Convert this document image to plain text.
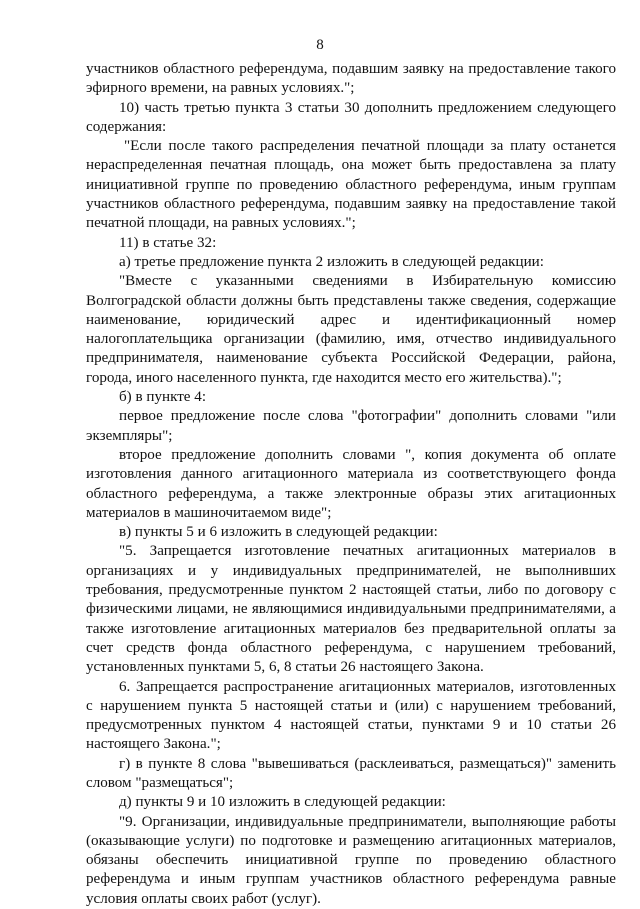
8

участников областного референдума, подавшим заявку на предоставление такого эфирного времени, на равных условиях.";

10) часть третью пункта 3 статьи 30 дополнить предложением следующего содержания:

"Если после такого распределения печатной площади за плату останется нераспределенная печатная площадь, она может быть предоставлена за плату инициативной группе по проведению областного референдума, иным группам участников областного референдума, подавшим заявку на предоставление такой печатной площади, на равных условиях.";

11) в статье 32:

а) третье предложение пункта 2 изложить в следующей редакции:

"Вместе с указанными сведениями в Избирательную комиссию Волгоградской области должны быть представлены также сведения, содержащие наименование, юридический адрес и идентификационный номер налогоплательщика организации (фамилию, имя, отчество индивидуального предпринимателя, наименование субъекта Российской Федерации, района, города, иного населенного пункта, где находится место его жительства).";

б) в пункте 4:

первое предложение после слова "фотографии" дополнить словами "или экземпляры";

второе предложение дополнить словами ", копия документа об оплате изготовления данного агитационного материала из соответствующего фонда областного референдума, а также электронные образы этих агитационных материалов в машиночитаемом виде";

в) пункты 5 и 6 изложить в следующей редакции:

"5. Запрещается изготовление печатных агитационных материалов в организациях и у индивидуальных предпринимателей, не выполнивших требования, предусмотренные пунктом 2 настоящей статьи, либо по договору с физическими лицами, не являющимися индивидуальными предпринимателями, а также изготовление агитационных материалов без предварительной оплаты за счет средств фонда областного референдума, с нарушением требований, установленных пунктами 5, 6, 8 статьи 26 настоящего Закона.

6. Запрещается распространение агитационных материалов, изготовленных с нарушением пункта 5 настоящей статьи и (или) с нарушением требований, предусмотренных пунктом 4 настоящей статьи, пунктами 9 и 10 статьи 26 настоящего Закона.";

г) в пункте 8 слова "вывешиваться (расклеиваться, размещаться)" заменить словом "размещаться";

д) пункты 9 и 10 изложить в следующей редакции:

"9. Организации, индивидуальные предприниматели, выполняющие работы (оказывающие услуги) по подготовке и размещению агитационных материалов, обязаны обеспечить инициативной группе по проведению областного референдума и иным группам участников областного референдума равные условия оплаты своих работ (услуг).
